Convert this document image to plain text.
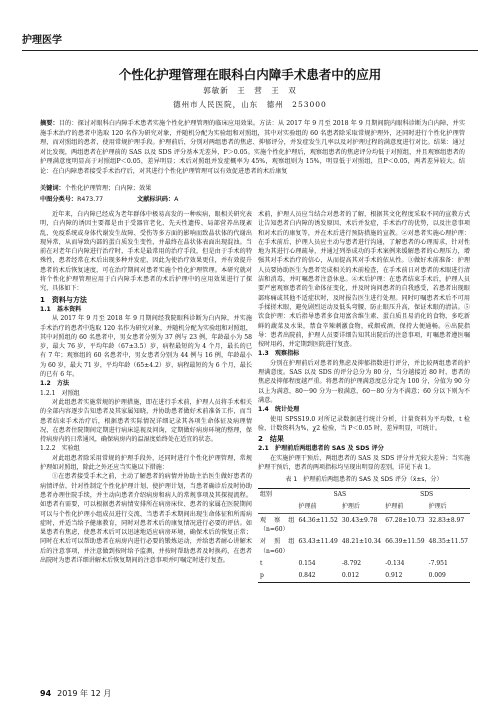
护理医学
个性化护理管理在眼科白内障手术患者中的应用
郭敏新　王　营　王　双
德州市人民医院，山东　德州　253000
摘要：目的：探讨对眼科白内障手术患者实施个性化护理管理的临床应用效果。方法：从 2017 年 9 月至 2018 年 9 月期间院内眼科诊断为白内障，并实施手术治疗的患者中选取 120 名作为研究对象，并随机分配为实验组和对照组，其中对实验组的 60 名患者除采取常规护理外，还同时进行个性化护理管理，而对照组的患者，使用常规护理手段。护理前后，分别对两组患者的焦虑、抑郁评分，并发症发生几率以及对护理过程的满意度进行对比。结果：通过对比发现，两组患者在护理前的 SAS 以及 SDS 评分基本无差异，P＞0.05。实施个性化护理后，观察组患者的焦虑评分均低于对照组，并且观察组患者的护理满意度明显高于对照组P＜0.05，差异明显；术后对照组并发症概率为 45%，观察组则为 15%，明显低于对照组，且P＜0.05，两者差异较大。结论：在白内障患者接受手术治疗后，对其进行个性化护理管理可以有效促进患者的术后康复
关键词：个性化护理管理；白内障；效果
中图分类号：R473.77	文献标识码：A

近年来，白内障已经成为老年群体中极易高发的一种疾病，眼相关研究表明，白内障的诱因主要都是由于受器官老化、先天性遗传、局部营养出现紊乱、免疫系统或身体代谢发生故障、受伤等多方面的影响而致晶状体的代谢出现异常，从而导致内部的蛋白质发生变性，并最终在晶状体表面出现混浊。当前在对老年白内障进行治疗时，手术是最常用的治疗手段，但是由于手术的特殊性，患者经常在术后出现多种并发症，因此为使治疗效果更佳，并有效提升患者的术后恢复速度，可在治疗期间对患者实施个性化护理管理。本研究就对将个性化护理管理应用于白内障手术患者的术后护理中的应用效果进行了探究，具体如下：

1　资料与方法

1.1　基本资料

从 2017 年 9 月至 2018 年 9 月期间经我院眼科诊断为白内障，并实施手术治疗的患者中选取 120 名作为研究对象，并随机分配为实验组和对照组，其中对照组的 60 名患者中，男女患者分别为 37 例与 23 例，年龄最小为 58 岁，最大 76 岁，平均年龄（67±3.5）岁，病程最短的为 4 个月，最长的已有 7 年；观察组的 60 名患者中，男女患者分别为 44 例与 16 例，年龄最小为 60 岁，最大 71 岁，平均年龄（65±4.2）岁，病程最短的为 6 个月，最长的已有 6 年。

1.2　方法

1.2.1　对照组

对此组患者实施常规的护理措施，即在进行手术前，护理人员将手术相关的全部内容逐步告知患者及其家属知晓，并协助患者做好术前准备工作，而当患者结束手术治疗后，根据患者实际情况详细记录其各项生命体征及病理情况，在患者住院期间定期进行病床巡视及问询，定期做好病房环境的整理，保持病房内的日常通风，确保病房内的温湿度始终处在适宜的状态。

1.2.2　实验组

对此组患者除采用常规的护理手段外，还同时进行个性化护理管理，常规护理如对照组，除此之外还应当实施以下措施：

①在患者接受手术之前，主动了解患者的病情并协助主治医生做好患者的病情评估，针对性制定个性化护理计划，使护理计划，当患者确诊后及时协助患者办理住院手续，并主动向患者介绍病房和病人的常规事项及其探视流程。如患者有需要，可以根据患者病情安排所在病房床位、患者的家属在医院期间可以与个性化护理小组成员进行交流、当患者手术期间出现生命体征和所需病症时，并适当给予健康教育，同时对患者术后的康复情况进行必要的评估。如果患者有焦虑，使患者术后可以迅速地适应病房环境，确保术后的恢复正常；同时在术后可以帮助患者在病房内进行必要的锻炼运动，并给患者耐心讲解术后的注意事项，并注意做到按时给予监测，并按时帮助患者及时换药，在患者出院时为患者详细讲解术后恢复期间的注意事项并叮嘱定时进行复查。

术前，护理人员应当结合对患者的了解，根据其文化程度采取不同的宣教方式让告知患者白内障的诱发原因、术后并发症，手术治疗的优势，以及注意事项和对术后的康复等，并在术后进行预防措施的宣教。②对患者实施心理护理：在手术前后，护理人员应主动与患者进行沟通，了解患者的心理需求，针对性地为其进行心理疏导，并通过列举成功的手术案例来缓解患者的心理压力，增强其对手术治疗的信心，从而提高其对手术的依从性。③做好术前准备：护理人员要协助医生为患者完成相关的术前检查，在手术前日对患者的术眼进行清洁和消毒，并叮嘱患者注意休息。④术后护理：在患者结束手术后，护理人员要严密观察患者的生命体征变化，并及时询问患者的自我感受，若患者出现眼部疼痛或其他不适症状时，及时报告医生进行处理。同时叮嘱患者术后不可用手揉搓术眼，避免剧烈运动及低头弯腰，防止眼压升高，保证术眼的清洁。⑤饮食护理：术后指导患者多食用富含维生素、蛋白质且易消化的食物，多吃新鲜的蔬菜及水果，禁食辛辣刺激食物，戒烟戒酒，保持大便通畅。⑥出院指导：患者出院前，护理人员要详细告知其出院后的注意事项，叮嘱患者遵医嘱按时用药，并定期到医院进行复查。

1.3　观察指标

分别在护理前后对患者的焦虑及抑郁指数进行评分，并比较两组患者的护理满意度。SAS 以及 SDS 的评分总分为 80 分，当分越接近 80 时，患者的焦虑及抑郁程度越严重。将患者的护理满意度总分定为 100 分，分值为 90 分以上为满意，80～90 分为一般满意，60～80 分为不满意；60 分以下则为不满意。

1.4　统计处理

使用 SPSS19.0 对所记录数据进行统计分析，计量资料为平均数，t 检验，计数资料为%，χ2 检验，当 P＜0.05 时，差异明显，可统计。

2　结果

2.1　护理前后两组患者的 SAS 及 SDS 评分

在实施护理干预后，两组患者的 SAS 及 SDS 评分并无较大差异；当实施护理干预后，患者的两项指标均呈现出明显的差别，详见下表 1。

表 1　护理前后两组患者的 SAS 及 SDS 评分（x̄±s，分）
组别	SAS		SDS	
	护理前	护理后	护理前	护理后
观察组（n=60）	64.36±11.52	30.43±9.78	67.28±10.73	32.83±8.97
对照组（n=60）	63.43±11.49	48.21±10.34	66.39±11.59	48.35±11.57
t	0.154	-8.792	-0.134	-7.951
p	0.842	0.012	0.912	0.009
94 2019 年 12 月
